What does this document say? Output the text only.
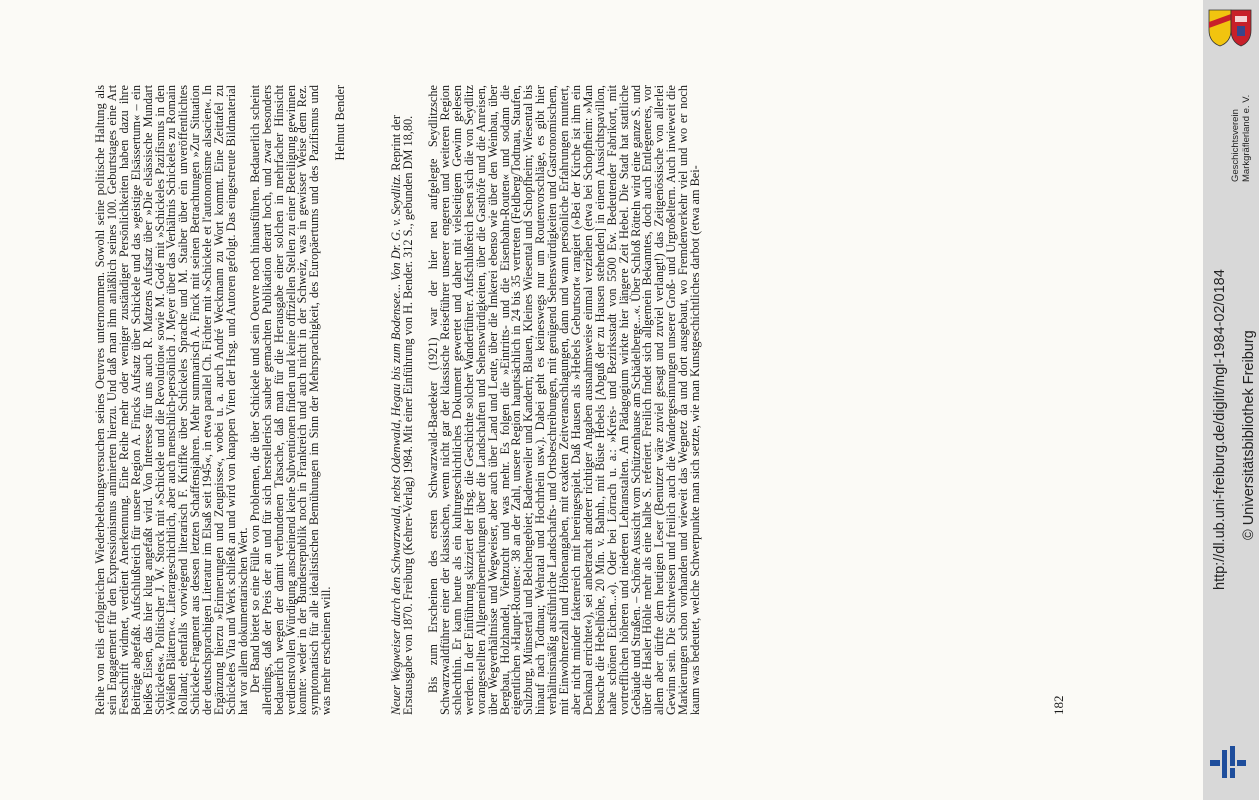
Reihe von teils erfolgreichen Wiederbelebungsversuchen seines Oeuvres unternommen. Sowohl seine politische Haltung als sein Engagement für den Expressionismus animierten hierzu. Und daß man ihm anläßlich seines 100. Geburtstages eine Art Festschrift widmet, verdient Anerkennung. Eine Reihe mehr oder weniger zuständiger Persönlichkeiten haben dazu ihre Beiträge abgefaßt. Aufschlußreich für unsere Region A. Fincks Aufsatz über Schickele und das »geistige Elsässertum« – ein heißes Eisen, das hier klug angefaßt wird. Von Interesse für uns auch R. Matzens Aufsatz über »Die elsässische Mundart Schickeles«. Politischer J. W. Storck mit »Schickele und die Revolution« sowie M. Godé mit »Schickeles Pazifismus in den ›Weißen Blättern‹«. Literargeschichtlich, aber auch menschlich-persönlich J. Meyer über das Verhältnis Schickeles zu Romain Rolland; ebenfalls vorwiegend literarisch F. Kniffke über Schickeles Sprache und M. Staiber über ein unveröffentlichtes Schickele-Fragment aus dessen letzten Schaffensjahren. Mehr summarisch A. Finck mit seinen Betrachtungen »Zur Situation der deutschsprachigen Literatur im Elsaß seit 1945«, in etwa parallel Ch. Fichter mit »Schickele et l'autonomisme alsacien«. In Ergänzung hierzu »Erinnerungen und Zeugnisse«, wobei u. a. auch André Weckmann zu Wort kommt. Eine Zeittafel zu Schickeles Vita und Werk schließt an und wird von knappen Viten der Hrsg. und Autoren gefolgt. Das eingestreute Bildmaterial hat vor allem dokumentarischen Wert.

Der Band bietet so eine Fülle von Problemen, die über Schickele und sein Oeuvre noch hinausführen. Bedauerlich scheint allerdings, daß der Preis der an und für sich herstellerisch sauber gemachten Publikation derart hoch, und zwar besonders bedauerlich wegen der damit verbundenen Tatsache, daß man für die Herausgabe einer solchen in mehrfacher Hinsicht verdienstvollen Würdigung anscheinend keine Subventionen finden und keine offiziellen Stellen zu einer Beteiligung gewinnen konnte: weder in der Bundesrepublik noch in Frankreich und auch nicht in der Schweiz, was in gewisser Weise dem Rez. symptomatisch für alle idealistischen Bemühungen im Sinn der Mehrsprachigkeit, des Europäertums und des Pazifismus und was mehr erscheinen will.

Helmut Bender

Neuer Wegweiser durch den Schwarzwald, nebst Odenwald, Hegau bis zum Bodensee... Von Dr. G. v. Seydlitz. Reprint der Erstausgabe von 1870. Freiburg (Kehrer-Verlag) 1984. Mit einer Einführung von H. Bender. 312 S., gebunden DM 18,80. Bis zum Erscheinen des ersten Schwarzwald-Baedeker (1921) war der hier neu aufgelegte Seydlitzsche Schwarzwaldführer einer der klassischen, wenn nicht gar der klassische Reiseführer unserer engeren und weiteren Region schlechthin. Er kann heute als ein kulturgeschichtliches Dokument gewertet und daher mit vielseitigem Gewinn gelesen werden. In der Einführung skizziert der Hrsg. die Geschichte solcher Wanderführer. Aufschlußreich lesen sich die von Seydlitz vorangestellten Allgemeinbemerkungen über die Landschaften und Sehenswürdigkeiten, über die Gasthöfe und die Anreisen, über Wegverhältnisse und Wegweiser, aber auch über Land und Leute, über die Imkerei ebenso wie über den Weinbau, über Bergbau, Holzhandel, Viehzucht und was mehr. Es folgen die »Eintritts- und die Eisenbahn-Routen« und sodann die eigentlichen »Haupt-Routen«: 38 an der Zahl, unsere Region hauptsächlich in 24 bis 35 vertreten (Feldberg/Todtnau, Staufen, Sulzburg, Münstertal und Belchengebiet; Badenweiler und Kandern; Blauen, Kleines Wiesental und Schopfheim; Wiesental bis hinauf nach Todtnau; Wehratal und Hochrhein usw.). Dabei geht es keineswegs nur um Routenvorschläge, es gibt hier verhältnismäßig ausführliche Landschafts- und Ortsbeschreibungen, mit genügend Sehenswürdigkeiten und Gastronomischem, mit Einwohnerzahl und Höhenangaben, mit exakten Zeitveranschlagungen, dann und wann persönliche Erfahrungen muntert, aber nicht minder faktenreich mit hereingespielt. Daß Hausen als »Hebels Geburtsort« rangiert (»Bei der Kirche ist ihm ein Denkmal errichtet«), sei anbetracht anderer richtiger Angaben ausnahmsweise einmal verziehen (etwa bei Schopfheim: »Man besuche die Hebelhöhe, 20 Min. v. Bahnh., mit Büste Hebels [Abguß der zu Hausen stehenden] in einem Aussichtspavillon, nahe schönen Eichen...«). Oder bei Lörrach u. a.: »Kreis- und Bezirksstadt von 5500 Ew. Bedeutender Fabrikort, mit vortrefflichen höheren und niederen Lehranstalten. Am Pädagogium wirkte hier längere Zeit Hebel. Die Stadt hat stattliche Gebäude und Straßen. – Schöne Aussicht vom Schützenhause am Schädelberge...«. Über Schloß Rötteln wird eine ganze S. und über die Hasler Höhle mehr als eine halbe S. referiert. Freilich findet sich allgemein Bekanntes, doch auch Entlegeneres, vor allem aber dürfte dem heutigen Leser (Benutzer wäre zuviel gesagt und zuviel verlangt!) das Zeitgenössische von allerlei Gewinn sein. Die Sichtweisen und freilich auch die Wandergesinnungen unserer Groß- und Urgroßeltern. Auch inwieweit die Markierungen schon vorhanden und wieweit das Wegnetz da und dort ausgebaut, wo Fremdenverkehr viel und wo er noch kaum was bedeutet, welche Schwerpunkte man sich setzte, wie man Kunstgeschichtliches darbot (etwa am Bei-	182
Geschichtsverein Markgräflerland e. V.
http://dl.ub.uni-freiburg.de/diglit/mgl-1984-02/0184 © Universitätsbibliothek Freiburg
